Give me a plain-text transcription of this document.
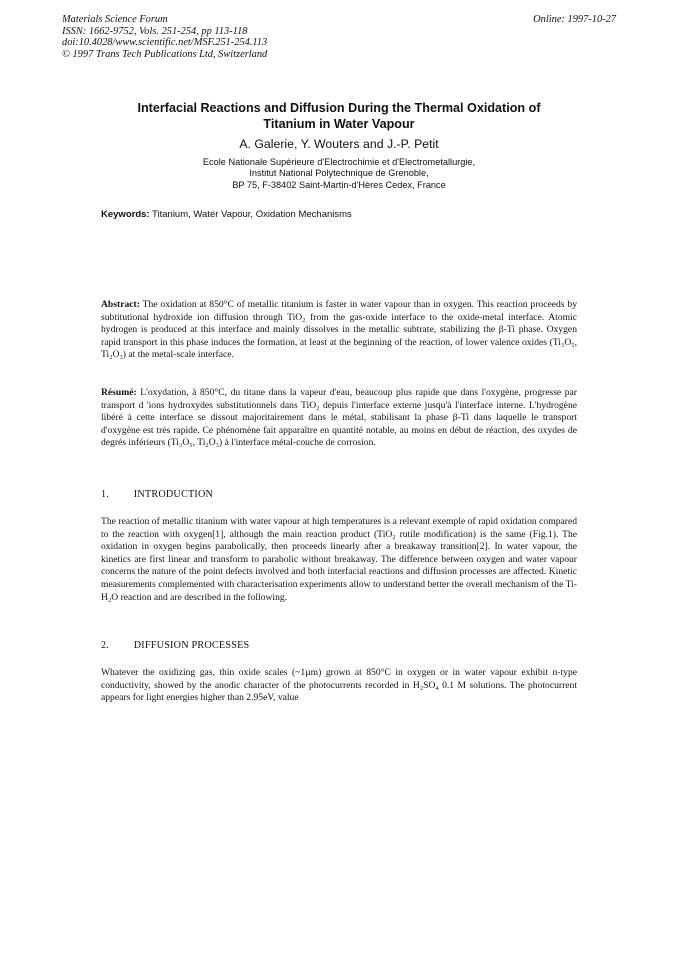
Materials Science Forum
ISSN: 1662-9752, Vols. 251-254, pp 113-118
doi:10.4028/www.scientific.net/MSF.251-254.113
© 1997 Trans Tech Publications Ltd, Switzerland
Online: 1997-10-27
Interfacial Reactions and Diffusion During the Thermal Oxidation of
Titanium in Water Vapour
A. Galerie, Y. Wouters and J.-P. Petit
Ecole Nationale Supérieure d'Electrochimie et d'Electrometallurgie,
Institut National Polytechnique de Grenoble,
BP 75, F-38402 Saint-Martin-d'Hères Cedex, France
Keywords: Titanium, Water Vapour, Oxidation Mechanisms

Abstract: The oxidation at 850°C of metallic titanium is faster in water vapour than in oxygen. This reaction proceeds by subtitutional hydroxide ion diffusion through TiO₂ from the gas-oxide interface to the oxide-metal interface. Atomic hydrogen is produced at this interface and mainly dissolves in the metallic subtrate, stabilizing the β-Ti phase. Oxygen rapid transport in this phase induces the formation, at least at the beginning of the reaction, of lower valence oxides (Ti₃O₅, Ti₂O₃) at the metal-scale interface.

Résumé: L'oxydation, à 850°C, du titane dans la vapeur d'eau, beaucoup plus rapide que dans l'oxygène, progresse par transport d 'ions hydroxydes substitutionnels dans TiO₂ depuis l'interface externe jusqu'à l'interface interne. L'hydrogène libéré à cette interface se dissout majoritairement dans le métal, stabilisant la phase β-Ti dans laquelle le transport d'oxygène est très rapide. Ce phénomène fait apparaître en quantité notable, au moins en début de réaction, des oxydes de degrés inférieurs (Ti₃O₅, Ti₂O₃) à l'interface métal-couche de corrosion.

1. INTRODUCTION

The reaction of metallic titanium with water vapour at high temperatures is a relevant exemple of rapid oxidation compared to the reaction with oxygen[1], although the main reaction product (TiO₂ rutile modification) is the same (Fig.1). The oxidation in oxygen begins parabolically, then proceeds linearly after a breakaway transition[2]. In water vapour, the kinetics are first linear and transform to parabolic without breakaway. The difference between oxygen and water vapour concerns the nature of the point defects involved and both interfacial reactions and diffusion processes are affected. Kinetic measurements complemented with characterisation experiments allow to understand better the overall mechanism of the Ti-H₂O reaction and are described in the following.

2. DIFFUSION PROCESSES

Whatever the oxidizing gas, thin oxide scales (~1µm) grown at 850°C in oxygen or in water vapour exhibit n-type conductivity, showed by the anodic character of the photocurrents recorded in H₂SO₄ 0.1 M solutions. The photocurrent appears for light energies higher than 2.95eV, value
